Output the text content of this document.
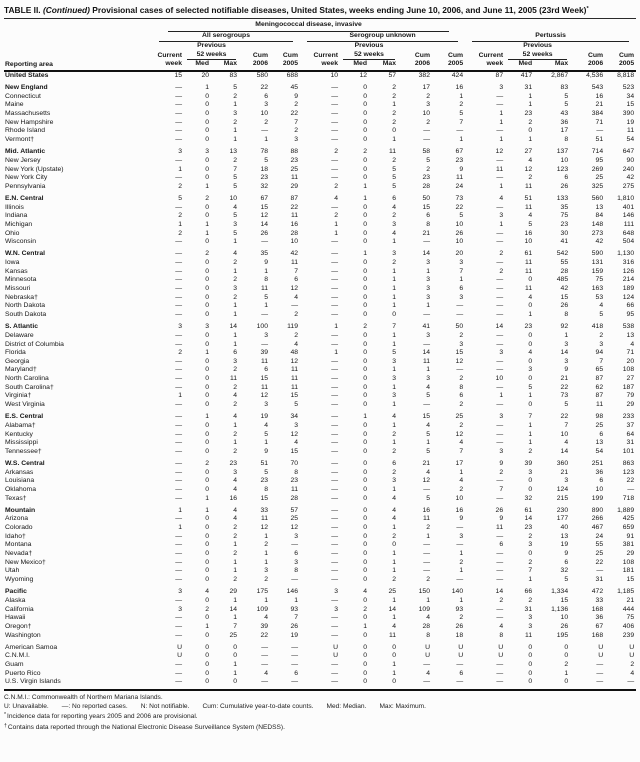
TABLE II. (Continued) Provisional cases of selected notifiable diseases, United States, weeks ending June 10, 2006, and June 11, 2005 (23rd Week)*
Reporting area	Meningococcal disease, invasive														

	All serogroups					Serogroup unknown					Pertussis				

		Previous					Previous					Previous			
	Current	52 weeks		Cum	Cum	Current	52 weeks		Cum	Cum	Current	52 weeks		Cum	Cum
	week	Med	Max	2006	2005	week	Med	Max	2006	2005	week	Med	Max	2006	2005
United States	15	20	83	580	688	10	12	57	382	424	87	417	2,867	4,536	8,818
New England	—	1	5	22	45	—	0	2	17	16	3	31	83	543	523
Connecticut	—	0	2	6	9	—	0	2	2	1	—	1	5	16	34
Maine	—	0	1	3	2	—	0	1	3	2	—	1	5	21	15
Massachusetts	—	0	3	10	22	—	0	2	10	5	1	23	43	384	390
New Hampshire	—	0	2	2	7	—	0	2	2	7	1	2	36	71	19
Rhode Island	—	0	1	—	2	—	0	0	—	—	—	0	17	—	11
Vermont†	—	0	1	1	3	—	0	1	—	1	1	1	8	51	54
Mid. Atlantic	3	3	13	78	88	2	2	11	58	67	12	27	137	714	647
New Jersey	—	0	2	5	23	—	0	2	5	23	—	4	10	95	90
New York (Upstate)	1	0	7	18	25	—	0	5	2	9	11	12	123	269	240
New York City	—	0	5	23	11	—	0	5	23	11	—	2	6	25	42
Pennsylvania	2	1	5	32	29	2	1	5	28	24	1	11	26	325	275
E.N. Central	5	2	10	67	87	4	1	6	50	73	4	51	133	560	1,810
Illinois	—	0	4	15	22	—	0	4	15	22	—	11	35	13	401
Indiana	2	0	5	12	11	2	0	2	6	5	3	4	75	84	146
Michigan	1	1	3	14	16	1	0	3	8	10	1	5	23	148	111
Ohio	2	1	5	26	28	1	0	4	21	26	—	16	30	273	648
Wisconsin	—	0	1	—	10	—	0	1	—	10	—	10	41	42	504
W.N. Central	—	2	4	35	42	—	1	3	14	20	2	61	542	590	1,130
Iowa	—	0	2	9	11	—	0	2	3	3	—	11	55	131	316
Kansas	—	0	1	1	7	—	0	1	1	7	2	11	28	159	126
Minnesota	—	0	2	8	6	—	0	1	3	1	—	0	485	75	214
Missouri	—	0	3	11	12	—	0	1	3	6	—	11	42	163	189
Nebraska†	—	0	2	5	4	—	0	1	3	3	—	4	15	53	124
North Dakota	—	0	1	1	—	—	0	1	1	—	—	0	26	4	66
South Dakota	—	0	1	—	2	—	0	0	—	—	—	1	8	5	95
S. Atlantic	3	3	14	100	119	1	2	7	41	50	14	23	92	418	538
Delaware	—	0	1	3	2	—	0	1	3	2	—	0	1	2	13
District of Columbia	—	0	1	—	4	—	0	1	—	3	—	0	3	3	4
Florida	2	1	6	39	48	1	0	5	14	15	3	4	14	94	71
Georgia	—	0	3	11	12	—	0	3	11	12	—	0	3	7	20
Maryland†	—	0	2	6	11	—	0	1	1	—	—	3	9	65	108
North Carolina	—	0	11	15	11	—	0	3	3	2	10	0	21	87	27
South Carolina†	—	0	2	11	11	—	0	1	4	8	—	5	22	62	187
Virginia†	1	0	4	12	15	—	0	3	5	6	1	1	73	87	79
West Virginia	—	0	2	3	5	—	0	1	—	2	—	0	5	11	29
E.S. Central	—	1	4	19	34	—	1	4	15	25	3	7	22	98	233
Alabama†	—	0	1	4	3	—	0	1	4	2	—	1	7	25	37
Kentucky	—	0	2	5	12	—	0	2	5	12	—	1	10	6	64
Mississippi	—	0	1	1	4	—	0	1	1	4	—	1	4	13	31
Tennessee†	—	0	2	9	15	—	0	2	5	7	3	2	14	54	101
W.S. Central	—	2	23	51	70	—	0	6	21	17	9	39	360	251	863
Arkansas	—	0	3	5	8	—	0	2	4	1	2	3	21	36	123
Louisiana	—	0	4	23	23	—	0	3	12	4	—	0	3	6	22
Oklahoma	—	0	4	8	11	—	0	1	—	2	7	0	124	10	—
Texas†	—	1	16	15	28	—	0	4	5	10	—	32	215	199	718
Mountain	1	1	4	33	57	—	0	4	16	16	26	61	230	890	1,889
Arizona	—	0	4	11	25	—	0	4	11	9	9	14	177	266	425
Colorado	1	0	2	12	12	—	0	1	2	—	11	23	40	467	659
Idaho†	—	0	2	1	3	—	0	2	1	3	—	2	13	24	91
Montana	—	0	1	2	—	—	0	0	—	—	6	3	19	55	381
Nevada†	—	0	2	1	6	—	0	1	—	1	—	0	9	25	29
New Mexico†	—	0	1	1	3	—	0	1	—	2	—	2	6	22	108
Utah	—	0	1	3	8	—	0	1	—	1	—	7	32	—	181
Wyoming	—	0	2	2	—	—	0	2	2	—	—	1	5	31	15
Pacific	3	4	29	175	146	3	4	25	150	140	14	66	1,334	472	1,185
Alaska	—	0	1	1	1	—	0	1	1	1	2	2	15	33	21
California	3	2	14	109	93	3	2	14	109	93	—	31	1,136	168	444
Hawaii	—	0	1	4	7	—	0	1	4	2	—	3	10	36	75
Oregon†	—	1	7	39	26	—	1	4	28	26	4	3	26	67	406
Washington	—	0	25	22	19	—	0	11	8	18	8	11	195	168	239
American Samoa	U	0	0	—	—	U	0	0	U	U	U	0	0	U	U
C.N.M.I.	U	0	0	—	—	U	0	0	U	U	U	0	0	U	U
Guam	—	0	1	—	—	—	0	1	—	—	—	0	2	—	2
Puerto Rico	—	0	1	4	6	—	0	1	4	6	—	0	1	—	4
U.S. Virgin Islands	—	0	0	—	—	—	0	0	—	—	—	0	0	—	—
C.N.M.I.: Commonwealth of Northern Mariana Islands.
U: Unavailable. —: No reported cases. N: Not notifiable. Cum: Cumulative year-to-date counts. Med: Median. Max: Maximum.
*Incidence data for reporting years 2005 and 2006 are provisional.
†Contains data reported through the National Electronic Disease Surveillance System (NEDSS).
